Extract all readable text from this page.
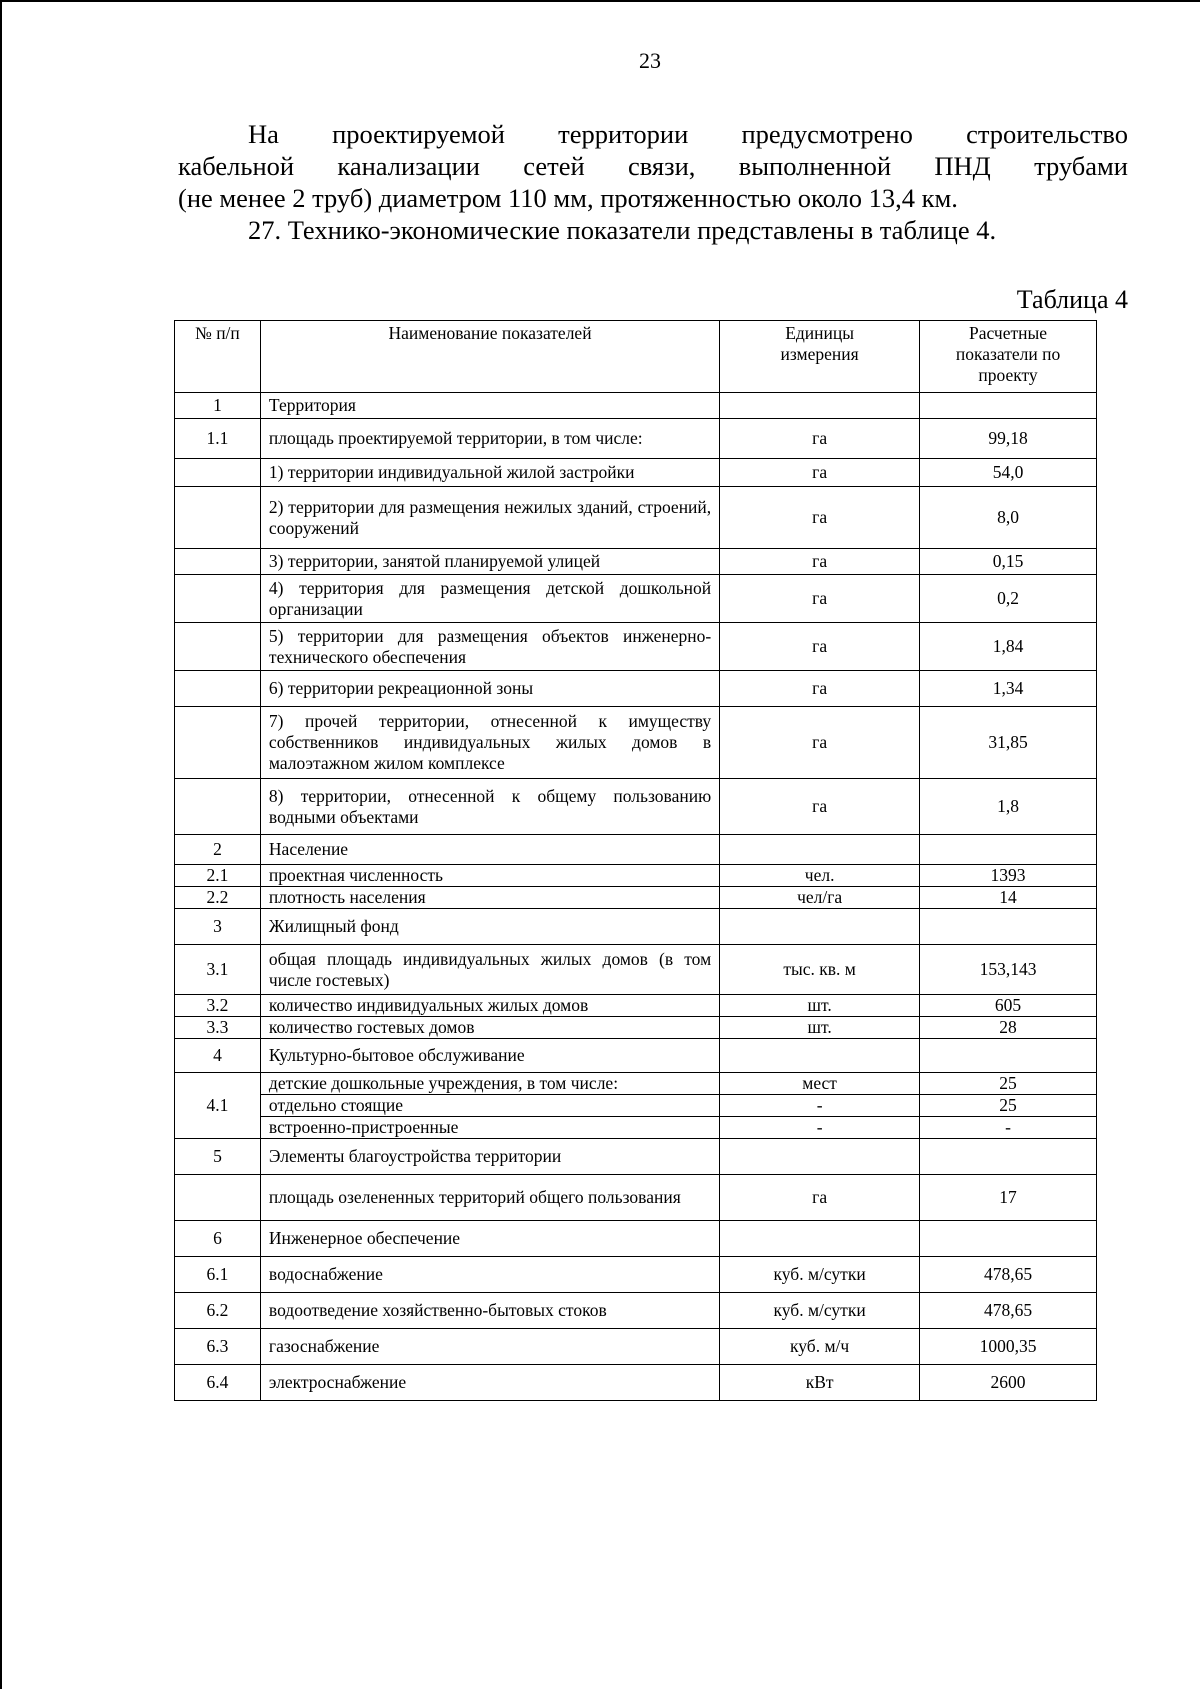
23
На проектируемой территории предусмотрено строительство
кабельной канализации сетей связи, выполненной ПНД трубами
(не менее 2 труб) диаметром 110 мм, протяженностью около 13,4 км.
27. Технико-экономические показатели представлены в таблице 4.
Таблица 4
№ п/п	Наименование показателей	Единицы измерения	Расчетные показатели по проекту
1	Территория		
1.1	площадь проектируемой территории, в том числе:	га	99,18
	1) территории индивидуальной жилой застройки	га	54,0
	2) территории для размещения нежилых зданий, строений, сооружений	га	8,0
	3) территории, занятой планируемой улицей	га	0,15
	4) территория для размещения детской дошкольной организации	га	0,2
	5) территории для размещения объектов инженерно-технического обеспечения	га	1,84
	6) территории рекреационной зоны	га	1,34
	7) прочей территории, отнесенной к имуществу собственников индивидуальных жилых домов в малоэтажном жилом комплексе	га	31,85
	8) территории, отнесенной к общему пользованию водными объектами	га	1,8
2	Население		
2.1	проектная численность	чел.	1393
2.2	плотность населения	чел/га	14
3	Жилищный фонд		
3.1	общая площадь индивидуальных жилых домов (в том числе гостевых)	тыс. кв. м	153,143
3.2	количество индивидуальных жилых домов	шт.	605
3.3	количество гостевых домов	шт.	28
4	Культурно-бытовое обслуживание		
4.1	детские дошкольные учреждения, в том числе:	мест	25
	отдельно стоящие	-	25
	встроенно-пристроенные	-	-
5	Элементы благоустройства территории		
	площадь озелененных территорий общего пользования	га	17
6	Инженерное обеспечение		
6.1	водоснабжение	куб. м/сутки	478,65
6.2	водоотведение хозяйственно-бытовых стоков	куб. м/сутки	478,65
6.3	газоснабжение	куб. м/ч	1000,35
6.4	электроснабжение	кВт	2600
